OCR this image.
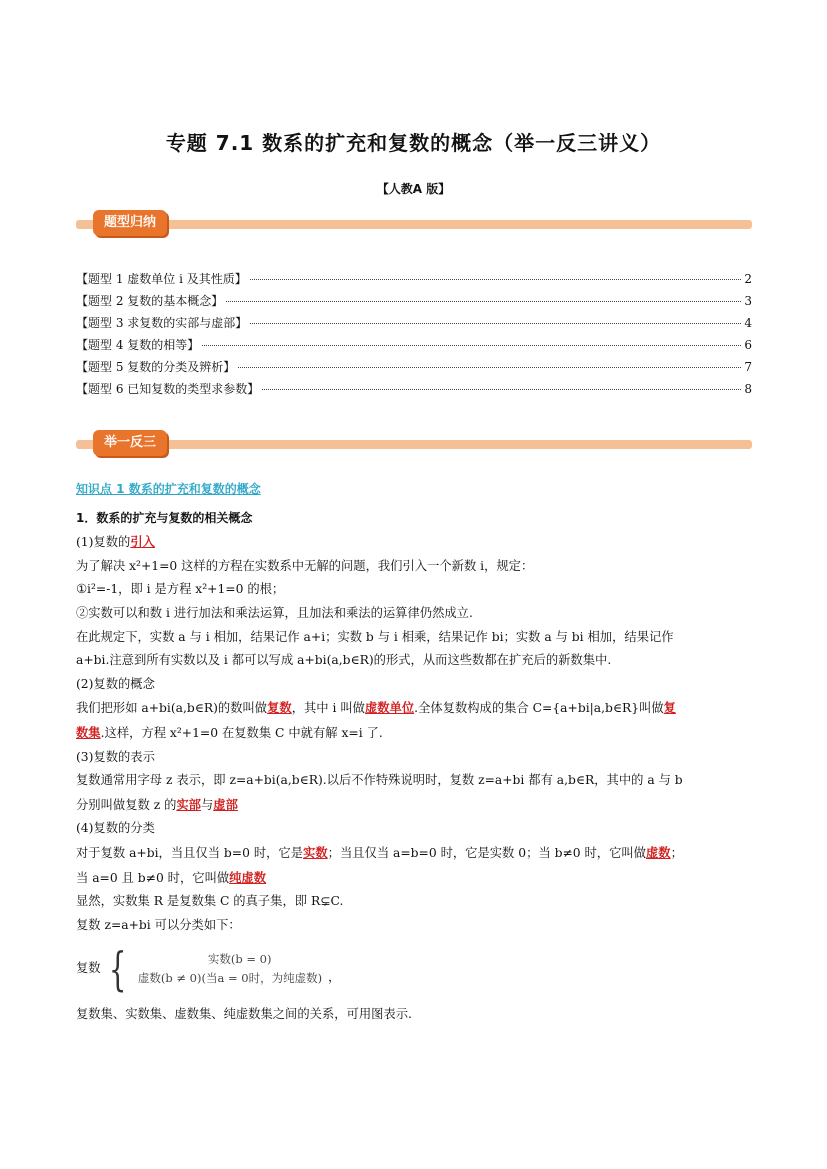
专题 7.1 数系的扩充和复数的概念（举一反三讲义）
【人教A 版】
题型归纳
【题型 1 虚数单位 i 及其性质】	2
【题型 2 复数的基本概念】	3
【题型 3 求复数的实部与虚部】	4
【题型 4 复数的相等】	6
【题型 5 复数的分类及辨析】	7
【题型 6 已知复数的类型求参数】	8
举一反三

知识点 1 数系的扩充和复数的概念

1．数系的扩充与复数的相关概念

(1)复数的引入

为了解决 x²+1=0 这样的方程在实数系中无解的问题，我们引入一个新数 i，规定：

①i²=-1，即 i 是方程 x²+1=0 的根；

②实数可以和数 i 进行加法和乘法运算，且加法和乘法的运算律仍然成立.

在此规定下，实数 a 与 i 相加，结果记作 a+i；实数 b 与 i 相乘，结果记作 bi；实数 a 与 bi 相加，结果记作

a+bi.注意到所有实数以及 i 都可以写成 a+bi(a,b∈R)的形式，从而这些数都在扩充后的新数集中.

(2)复数的概念

我们把形如 a+bi(a,b∈R)的数叫做复数，其中 i 叫做虚数单位.全体复数构成的集合 C={a+bi|a,b∈R}叫做复

数集.这样，方程 x²+1=0 在复数集 C 中就有解 x=i 了.

(3)复数的表示

复数通常用字母 z 表示，即 z=a+bi(a,b∈R).以后不作特殊说明时，复数 z=a+bi 都有 a,b∈R，其中的 a 与 b

分别叫做复数 z 的实部与虚部

(4)复数的分类

对于复数 a+bi，当且仅当 b=0 时，它是实数；当且仅当 a=b=0 时，它是实数 0；当 b≠0 时，它叫做虚数；

当 a=0 且 b≠0 时，它叫做纯虚数

显然，实数集 R 是复数集 C 的真子集，即 R⊊C.

复数 z=a+bi 可以分类如下：

复数 {	实数(b = 0)
虚数(b ≠ 0)(当a = 0时，为纯虚数) ，

复数集、实数集、虚数集、纯虚数集之间的关系，可用图表示.
